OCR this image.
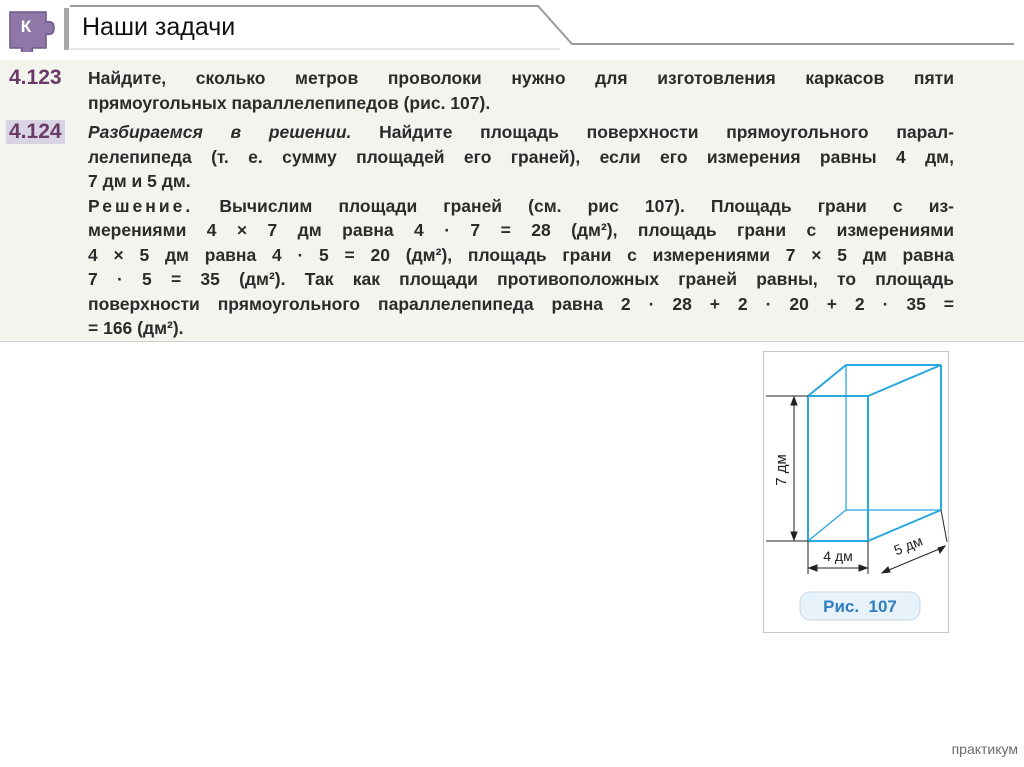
К Наши задачи
4.123 Найдите, сколько метров проволоки нужно для изготовления каркасов пяти
прямоугольных параллелепипедов (рис. 107).
4.124 Разбираемся в решении. Найдите площадь поверхности прямоугольного парал-
лелепипеда (т. е. сумму площадей его граней), если его измерения равны 4 дм,
7 дм и 5 дм.
Решение. Вычислим площади граней (см. рис 107). Площадь грани с из-
мерениями 4 × 7 дм равна 4 · 7 = 28 (дм²), площадь грани с измерениями
4 × 5 дм равна 4 · 5 = 20 (дм²), площадь грани с измерениями 7 × 5 дм равна
7 · 5 = 35 (дм²). Так как площади противоположных граней равны, то площадь
поверхности прямоугольного параллелепипеда равна 2 · 28 + 2 · 20 + 2 · 35 =
= 166 (дм²).
7 дм
4 дм	5 дм
Рис.  107
практикум
